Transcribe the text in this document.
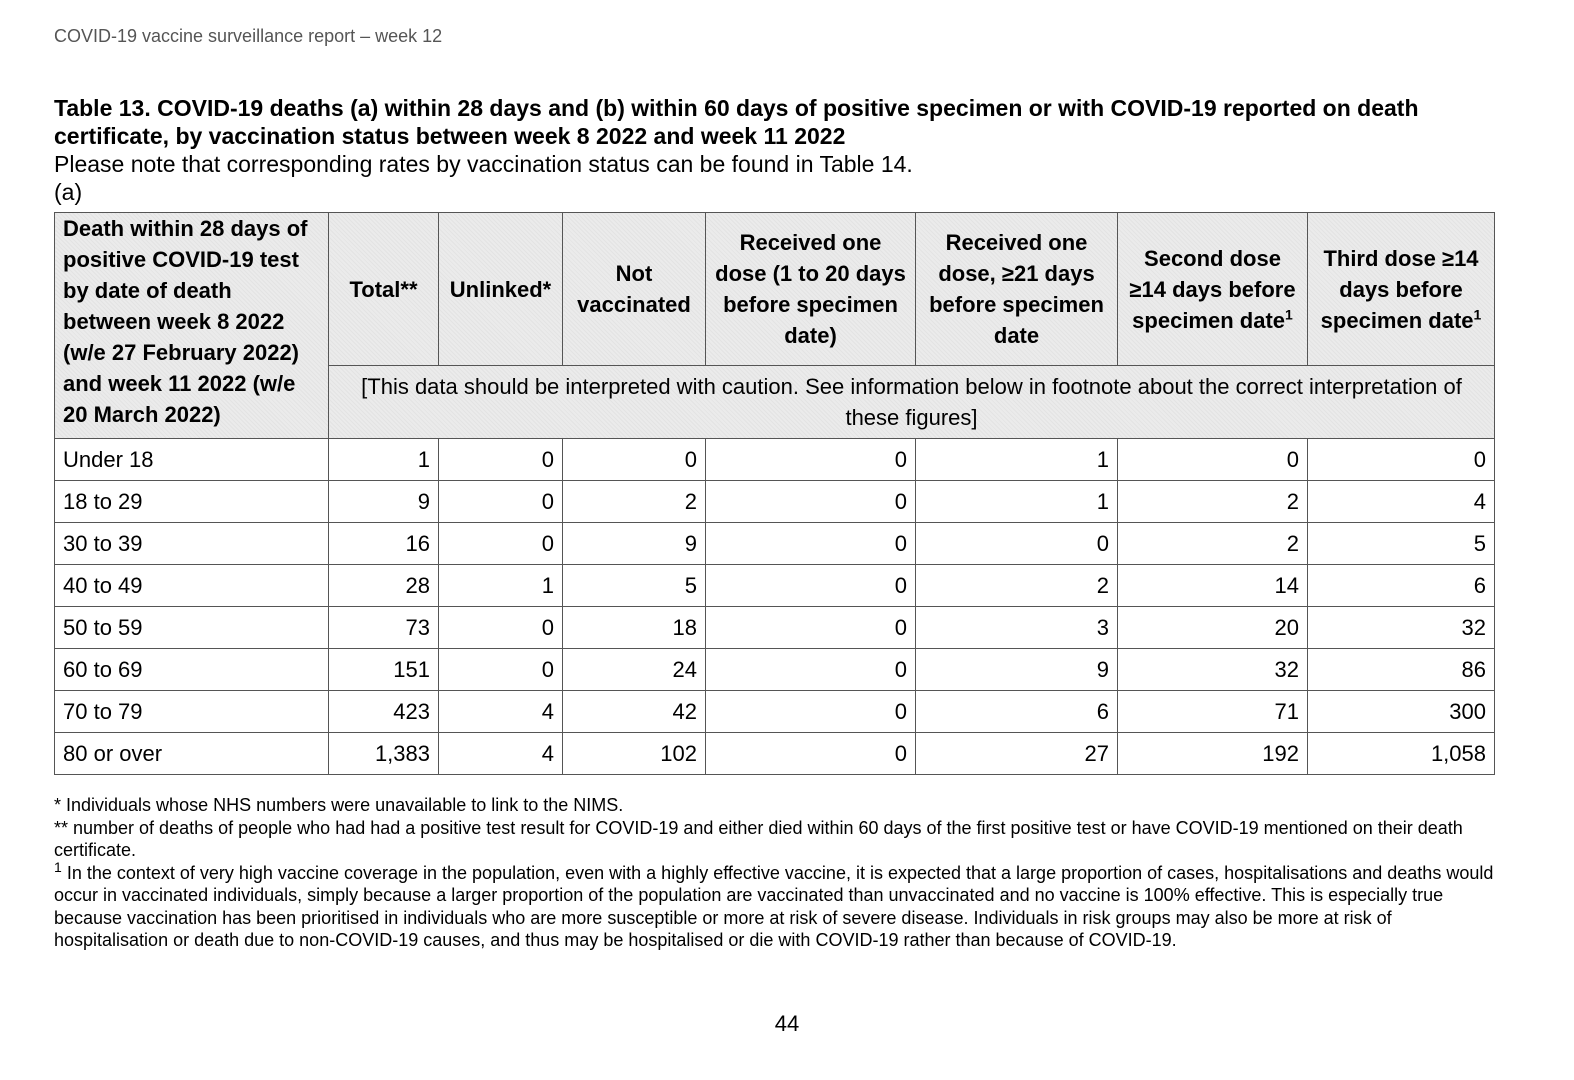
COVID-19 vaccine surveillance report – week 12

Table 13. COVID-19 deaths (a) within 28 days and (b) within 60 days of positive specimen or with COVID-19 reported on death certificate, by vaccination status between week 8 2022 and week 11 2022

Please note that corresponding rates by vaccination status can be found in Table 14.

(a)

Death within 28 days of positive COVID-19 test by date of death between week 8 2022 (w/e 27 February 2022) and week 11 2022 (w/e 20 March 2022)	Total**	Unlinked*	Not vaccinated	Received one dose (1 to 20 days before specimen date)	Received one dose, ≥21 days before specimen date	Second dose ≥14 days before specimen date$^1$	Third dose ≥14 days before specimen date$^1$
	[This data should be interpreted with caution. See information below in footnote about the correct interpretation of these figures]						
Under 18	1	0	0	0	1	0	0
18 to 29	9	0	2	0	1	2	4
30 to 39	16	0	9	0	0	2	5
40 to 49	28	1	5	0	2	14	6
50 to 59	73	0	18	0	3	20	32
60 to 69	151	0	24	0	9	32	86
70 to 79	423	4	42	0	6	71	300
80 or over	1,383	4	102	0	27	192	1,058

* Individuals whose NHS numbers were unavailable to link to the NIMS.

** number of deaths of people who had had a positive test result for COVID-19 and either died within 60 days of the first positive test or have COVID-19 mentioned on their death certificate.

$^1$ In the context of very high vaccine coverage in the population, even with a highly effective vaccine, it is expected that a large proportion of cases, hospitalisations and deaths would occur in vaccinated individuals, simply because a larger proportion of the population are vaccinated than unvaccinated and no vaccine is 100% effective. This is especially true because vaccination has been prioritised in individuals who are more susceptible or more at risk of severe disease. Individuals in risk groups may also be more at risk of hospitalisation or death due to non-COVID-19 causes, and thus may be hospitalised or die with COVID-19 rather than because of COVID-19.

44
